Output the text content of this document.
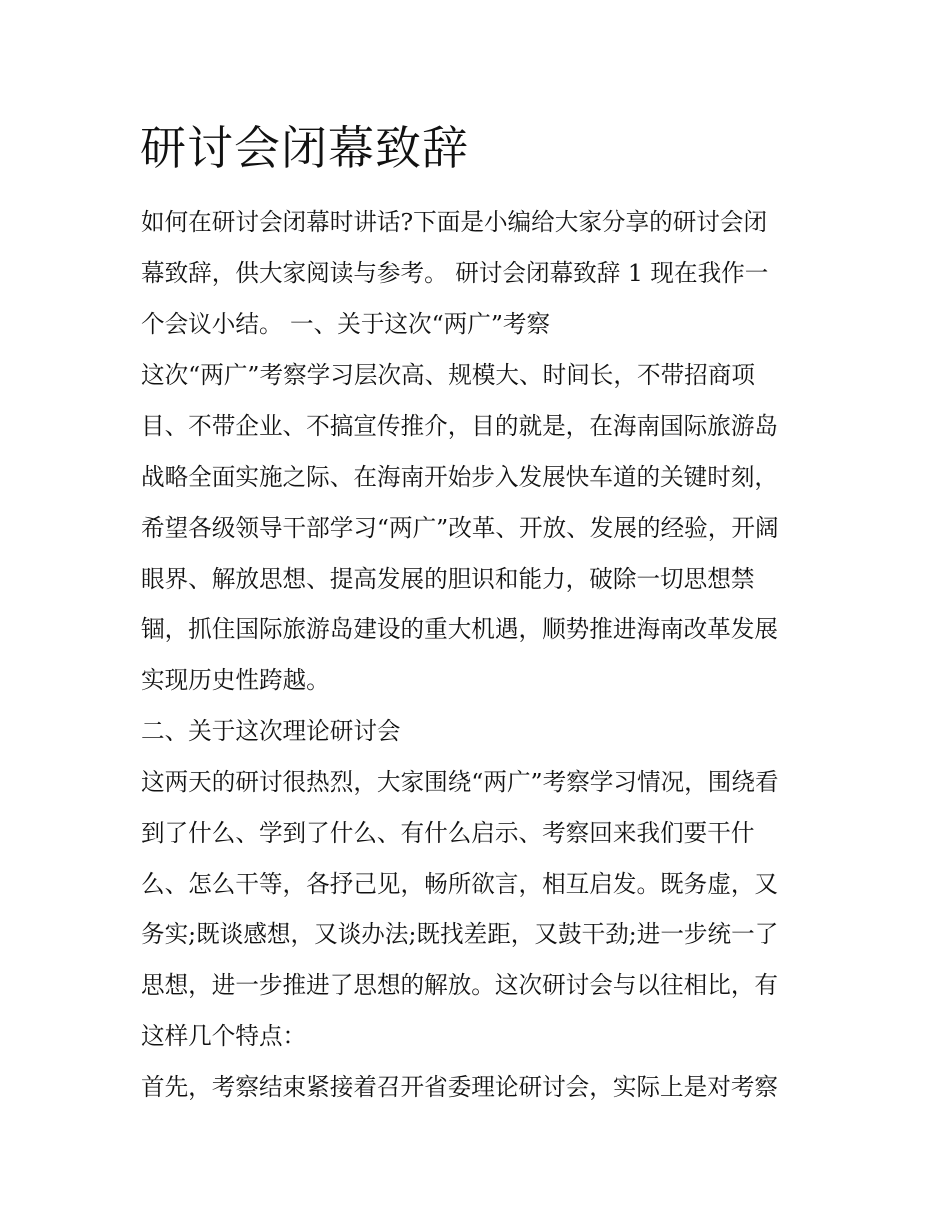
研讨会闭幕致辞

如何在研讨会闭幕时讲话?下面是小编给大家分享的研讨会闭

幕致辞，供大家阅读与参考。 研讨会闭幕致辞 1 现在我作一

个会议小结。 一、关于这次“两广”考察

这次“两广”考察学习层次高、规模大、时间长，不带招商项

目、不带企业、不搞宣传推介，目的就是，在海南国际旅游岛

战略全面实施之际、在海南开始步入发展快车道的关键时刻，

希望各级领导干部学习“两广”改革、开放、发展的经验，开阔

眼界、解放思想、提高发展的胆识和能力，破除一切思想禁

锢，抓住国际旅游岛建设的重大机遇，顺势推进海南改革发展

实现历史性跨越。

二、关于这次理论研讨会

这两天的研讨很热烈，大家围绕“两广”考察学习情况，围绕看

到了什么、学到了什么、有什么启示、考察回来我们要干什

么、怎么干等，各抒己见，畅所欲言，相互启发。既务虚，又

务实;既谈感想，又谈办法;既找差距，又鼓干劲;进一步统一了

思想，进一步推进了思想的解放。这次研讨会与以往相比，有

这样几个特点：

首先，考察结束紧接着召开省委理论研讨会，实际上是对考察
